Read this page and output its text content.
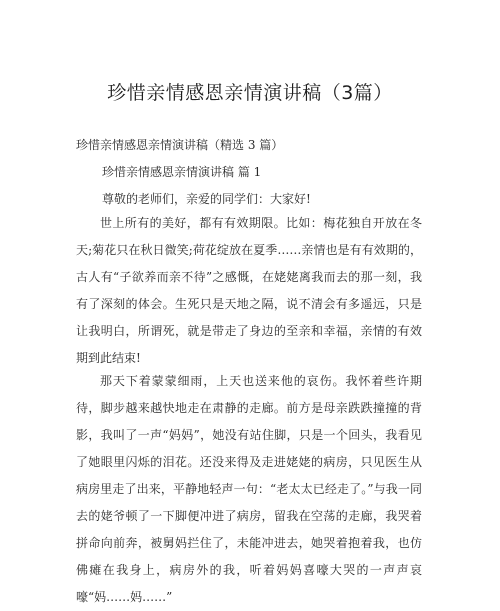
珍惜亲情感恩亲情演讲稿（3篇）
珍惜亲情感恩亲情演讲稿（精选 3 篇）
珍惜亲情感恩亲情演讲稿 篇 1
尊敬的老师们，亲爱的同学们：大家好!

世上所有的美好，都有有效期限。比如：梅花独自开放在冬天;菊花只在秋日微笑;荷花绽放在夏季……亲情也是有有效期的，古人有“子欲养而亲不待”之感慨，在姥姥离我而去的那一刻，我有了深刻的体会。生死只是天地之隔，说不清会有多遥远，只是让我明白，所谓死，就是带走了身边的至亲和幸福，亲情的有效期到此结束!

那天下着蒙蒙细雨，上天也送来他的哀伤。我怀着些许期待，脚步越来越快地走在肃静的走廊。前方是母亲跌跌撞撞的背影，我叫了一声“妈妈”，她没有站住脚，只是一个回头，我看见了她眼里闪烁的泪花。还没来得及走进姥姥的病房，只见医生从病房里走了出来，平静地轻声一句：“老太太已经走了。”与我一同去的姥爷顿了一下脚便冲进了病房，留我在空荡的走廊，我哭着拼命向前奔，被舅妈拦住了，未能冲进去，她哭着抱着我，也仿佛瘫在我身上，病房外的我，听着妈妈喜嚎大哭的一声声哀嚎“妈……妈……”
